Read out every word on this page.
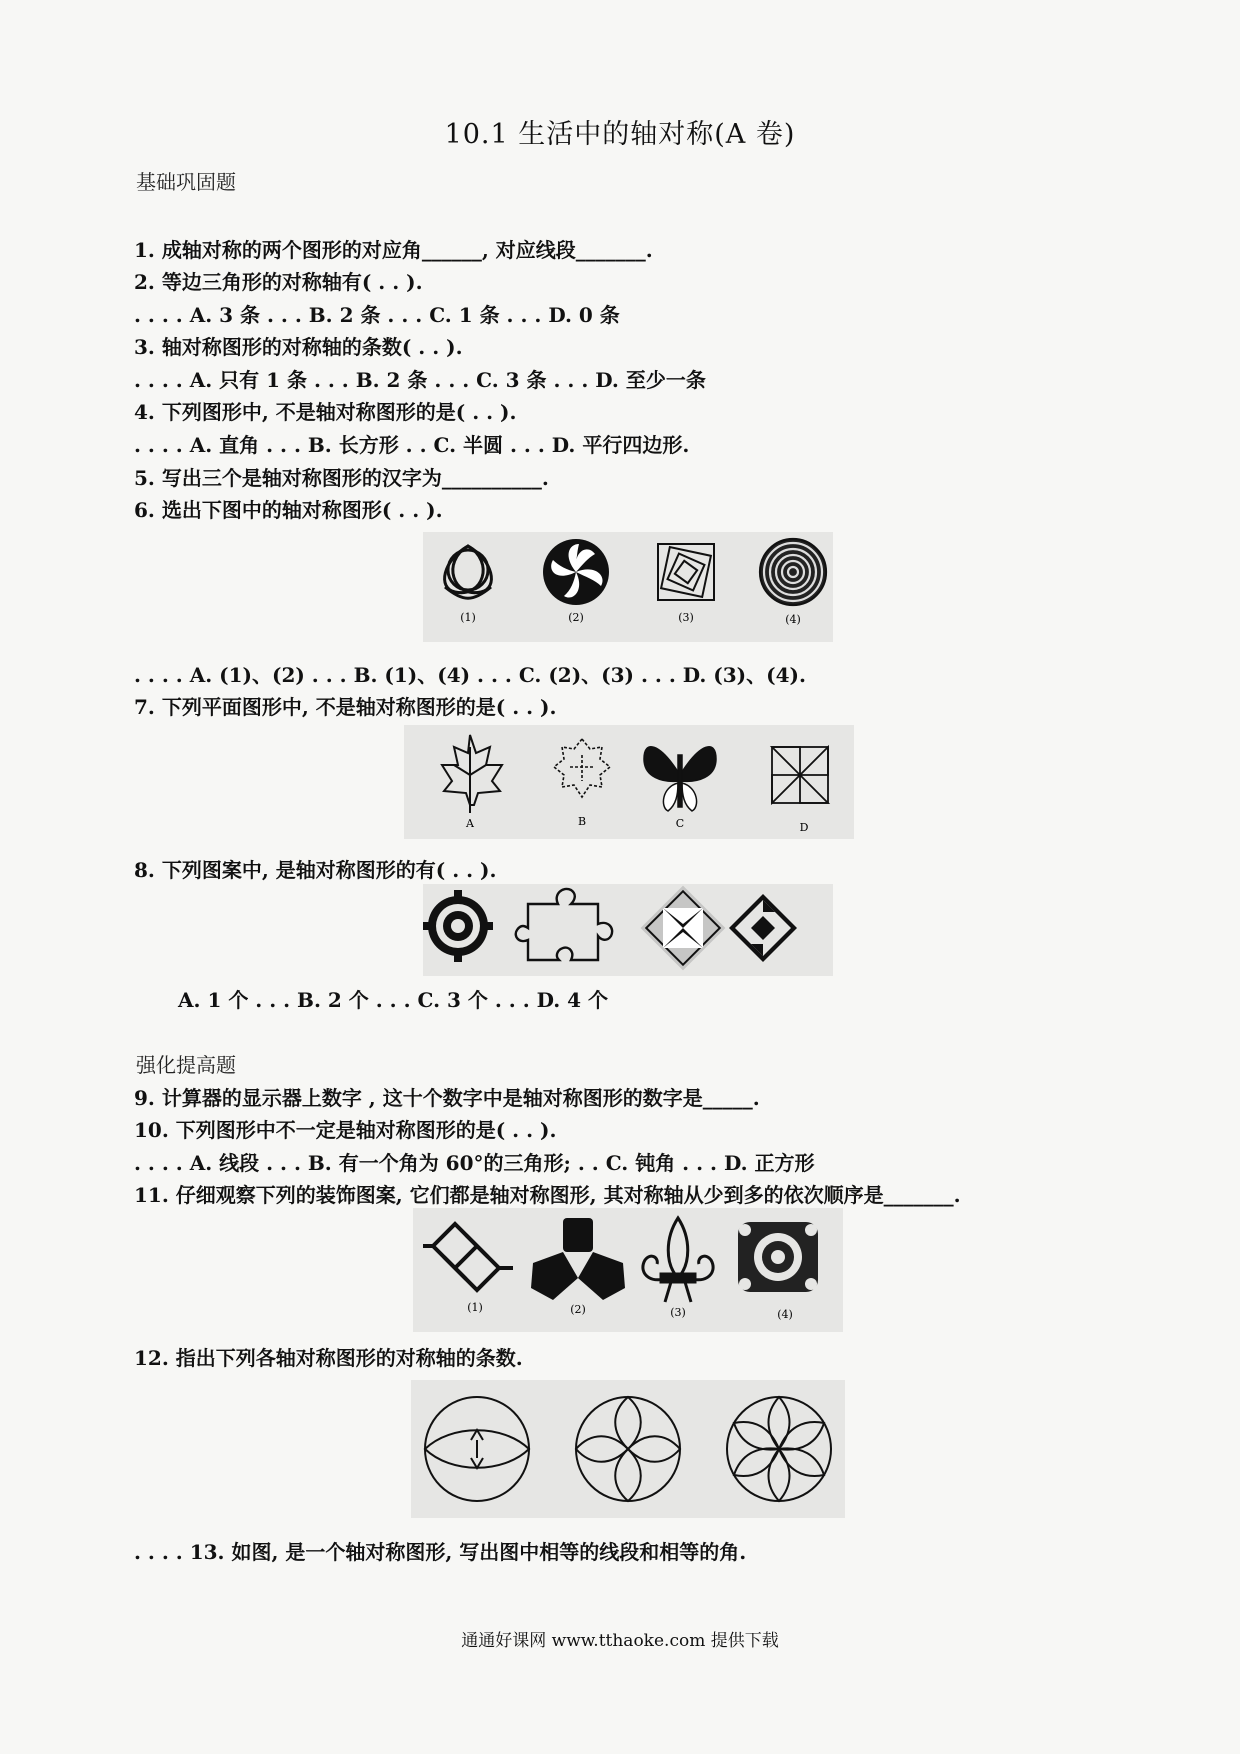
10.1 生活中的轴对称(A 卷)
基础巩固题
1. 成轴对称的两个图形的对应角______, 对应线段_______.
2. 等边三角形的对称轴有( . . ).
. . . . A. 3 条 . . . B. 2 条 . . . C. 1 条 . . . D. 0 条
3. 轴对称图形的对称轴的条数( . . ).
. . . . A. 只有 1 条 . . . B. 2 条 . . . C. 3 条 . . . D. 至少一条
4. 下列图形中, 不是轴对称图形的是( . . ).
. . . . A. 直角 . . . B. 长方形 . . C. 半圆 . . . D. 平行四边形.
5. 写出三个是轴对称图形的汉字为__________.
6. 选出下图中的轴对称图形( . . ).
(1)	(2)	(3)	(4)
. . . . A. (1)、(2) . . . B. (1)、(4) . . . C. (2)、(3) . . . D. (3)、(4).
7. 下列平面图形中, 不是轴对称图形的是( . . ).
A	B	C	D
8. 下列图案中, 是轴对称图形的有( . . ).
A. 1 个 . . . B. 2 个 . . . C. 3 个 . . . D. 4 个
强化提高题
9. 计算器的显示器上数字 , 这十个数字中是轴对称图形的数字是_____.
10. 下列图形中不一定是轴对称图形的是( . . ).
. . . . A. 线段 . . . B. 有一个角为 60°的三角形; . . C. 钝角 . . . D. 正方形
11. 仔细观察下列的装饰图案, 它们都是轴对称图形, 其对称轴从少到多的依次顺序是_______.
(1)	(2)	(3)	(4)
12. 指出下列各轴对称图形的对称轴的条数.
. . . . 13. 如图, 是一个轴对称图形, 写出图中相等的线段和相等的角.
通通好课网 www.tthaoke.com 提供下载
